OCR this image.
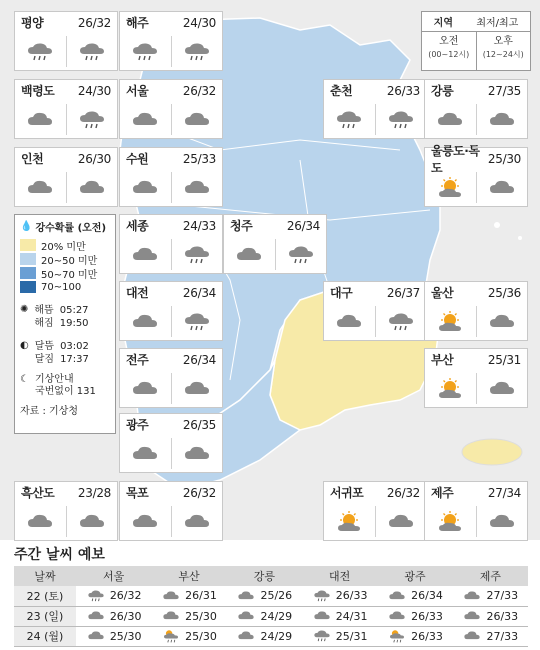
평양	26/32 해주	24/30
백령도 24/30 서울	26/32	춘천	26/33 강릉	27/35
인천	26/30 수원	25/33
울릉도·독도
25/30
세종	24/33 청주	26/34
대전	26/34	대구	26/37 울산	25/36
전주	26/34	부산	25/31
광주	26/35
흑산도 23/28 목포	26/32	서귀포 26/32 제주	27/34
지역 최저/최고
오전
(00~12시)
오후
(12~24시)
💧 강수확률 (오전)
20% 미만
20~50 미만
50~70 미만
70~100
✺ 해뜸
해짐
05:27
19:50
◐ 달뜸
달짐
03:02
17:37
☾ 기상안내
국번없이 131
자료 : 기상청
주간 날씨 예보
날짜	서울	부산	강릉	대전	광주	제주
22 (토)	26/32	26/31	25/26	26/33	26/34	27/33

23 (일)	26/30	25/30	24/29	24/31	26/33	26/33

24 (월)	25/30	25/30	24/29	25/31	26/33	27/33
